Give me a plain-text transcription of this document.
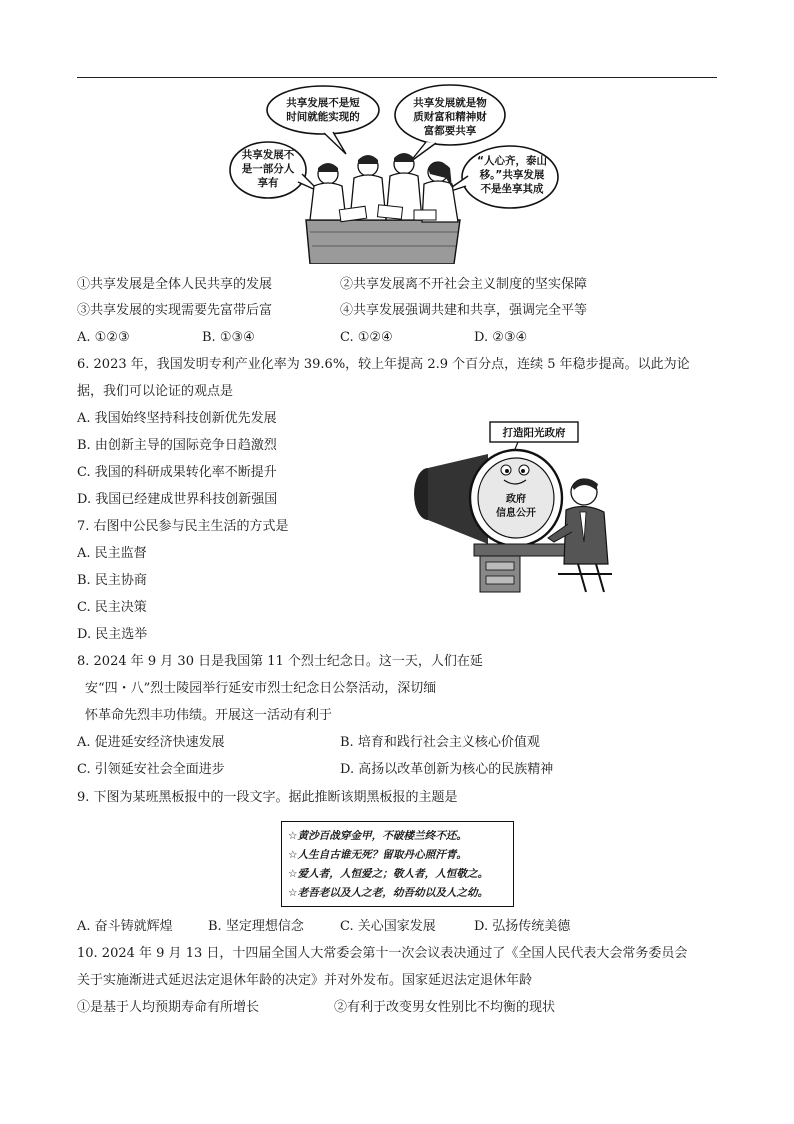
共享发展不是短
时间就能实现的
共享发展就是物
质财富和精神财
富都要共享
共享发展不
是一部分人
享有
“人心齐，泰山
移。”共享发展
不是坐享其成
①共享发展是全体人民共享的发展	②共享发展离不开社会主义制度的坚实保障
③共享发展的实现需要先富带后富	④共享发展强调共建和共享，强调完全平等
A. ①②③	B. ①③④	C. ①②④	D. ②③④
6. 2023 年，我国发明专利产业化率为 39.6%，较上年提高 2.9 个百分点，连续 5 年稳步提高。以此为论
据，我们可以论证的观点是
A. 我国始终坚持科技创新优先发展
B. 由创新主导的国际竞争日趋激烈
C. 我国的科研成果转化率不断提升
D. 我国已经建成世界科技创新强国
打造阳光政府
政府
信息公开
7. 右图中公民参与民主生活的方式是
A. 民主监督
B. 民主协商
C. 民主决策
D. 民主选举
8. 2024 年 9 月 30 日是我国第 11 个烈士纪念日。这一天，人们在延
安“四・八”烈士陵园举行延安市烈士纪念日公祭活动，深切缅
怀革命先烈丰功伟绩。开展这一活动有利于
A. 促进延安经济快速发展	B. 培育和践行社会主义核心价值观
C. 引领延安社会全面进步	D. 高扬以改革创新为核心的民族精神
9. 下图为某班黑板报中的一段文字。据此推断该期黑板报的主题是
☆黄沙百战穿金甲，不破楼兰终不还。
☆人生自古谁无死？留取丹心照汗青。
☆爱人者，人恒爱之；敬人者，人恒敬之。
☆老吾老以及人之老，幼吾幼以及人之幼。
A. 奋斗铸就辉煌	B. 坚定理想信念	C. 关心国家发展	D. 弘扬传统美德
10. 2024 年 9 月 13 日，十四届全国人大常委会第十一次会议表决通过了《全国人民代表大会常务委员会
关于实施渐进式延迟法定退休年龄的决定》并对外发布。国家延迟法定退休年龄
①是基于人均预期寿命有所增长	②有利于改变男女性别比不均衡的现状
